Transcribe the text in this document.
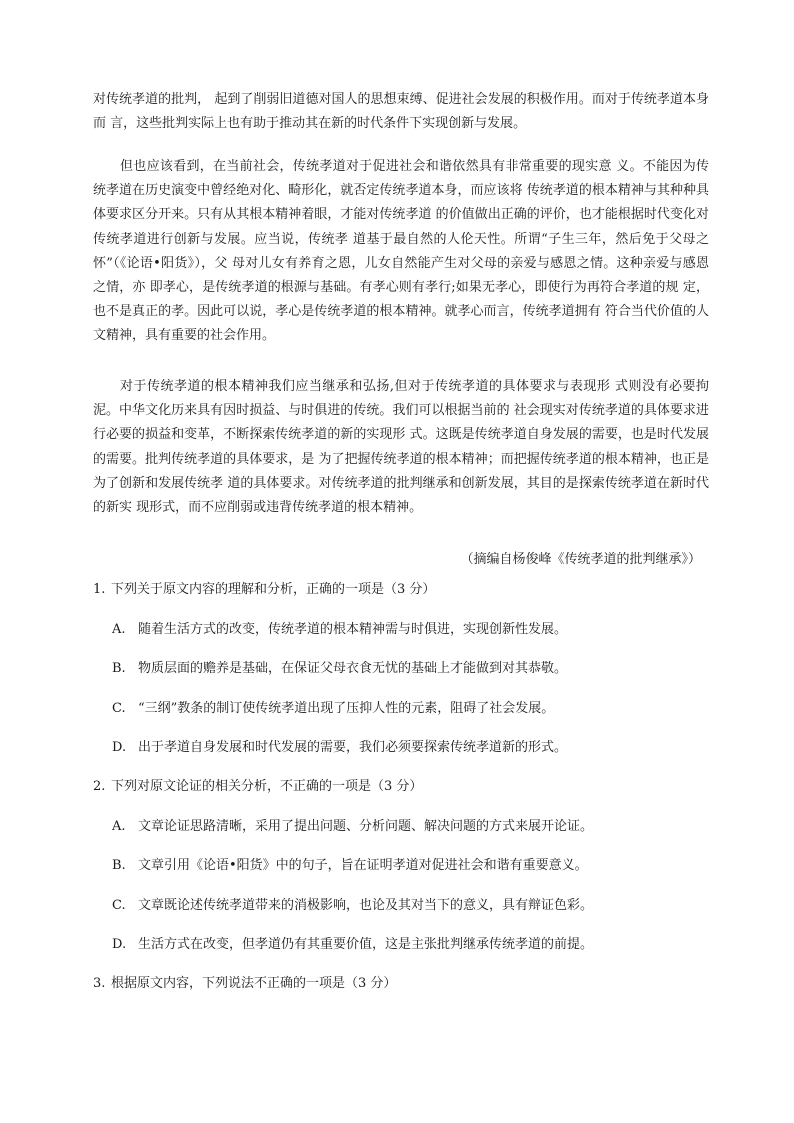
对传统孝道的批判， 起到了削弱旧道德对国人的思想束缚、促进社会发展的积极作用。而对于传统孝道本身而 言，这些批判实际上也有助于推动其在新的时代条件下实现创新与发展。

但也应该看到，在当前社会，传统孝道对于促进社会和谐依然具有非常重要的现实意 义。不能因为传统孝道在历史演变中曾经绝对化、畸形化，就否定传统孝道本身，而应该将 传统孝道的根本精神与其种种具体要求区分开来。只有从其根本精神着眼，才能对传统孝道 的价值做出正确的评价，也才能根据时代变化对传统孝道进行创新与发展。应当说，传统孝 道基于最自然的人伦天性。所谓“子生三年，然后免于父母之怀”（《论语•阳货》），父 母对儿女有养育之恩，儿女自然能产生对父母的亲爱与感恩之情。这种亲爱与感恩之情，亦 即孝心，是传统孝道的根源与基础。有孝心则有孝行;如果无孝心，即使行为再符合孝道的规 定，也不是真正的孝。因此可以说，孝心是传统孝道的根本精神。就孝心而言，传统孝道拥有 符合当代价值的人文精神，具有重要的社会作用。

对于传统孝道的根本精神我们应当继承和弘扬,但对于传统孝道的具体要求与表现形 式则没有必要拘泥。中华文化历来具有因时损益、与时俱进的传统。我们可以根据当前的 社会现实对传统孝道的具体要求进行必要的损益和变革，不断探索传统孝道的新的实现形 式。这既是传统孝道自身发展的需要，也是时代发展的需要。批判传统孝道的具体要求，是 为了把握传统孝道的根本精神；而把握传统孝道的根本精神，也正是为了创新和发展传统孝 道的具体要求。对传统孝道的批判继承和创新发展，其目的是探索传统孝道在新时代的新实 现形式，而不应削弱或违背传统孝道的根本精神。

（摘编自杨俊峰《传统孝道的批判继承》）

1. 下列关于原文内容的理解和分析，正确的一项是（3 分）

A. 随着生活方式的改变，传统孝道的根本精神需与时俱进，实现创新性发展。

B. 物质层面的赡养是基础，在保证父母衣食无忧的基础上才能做到对其恭敬。

C. “三纲”教条的制订使传统孝道出现了压抑人性的元素，阻碍了社会发展。

D. 出于孝道自身发展和时代发展的需要，我们必须要探索传统孝道新的形式。

2. 下列对原文论证的相关分析，不正确的一项是（3 分）

A. 文章论证思路清晰，采用了提出问题、分析问题、解决问题的方式来展开论证。

B. 文章引用《论语•阳货》中的句子，旨在证明孝道对促进社会和谐有重要意义。

C. 文章既论述传统孝道带来的消极影响，也论及其对当下的意义，具有辩证色彩。

D. 生活方式在改变，但孝道仍有其重要价值，这是主张批判继承传统孝道的前提。

3. 根据原文内容，下列说法不正确的一项是（3 分）
